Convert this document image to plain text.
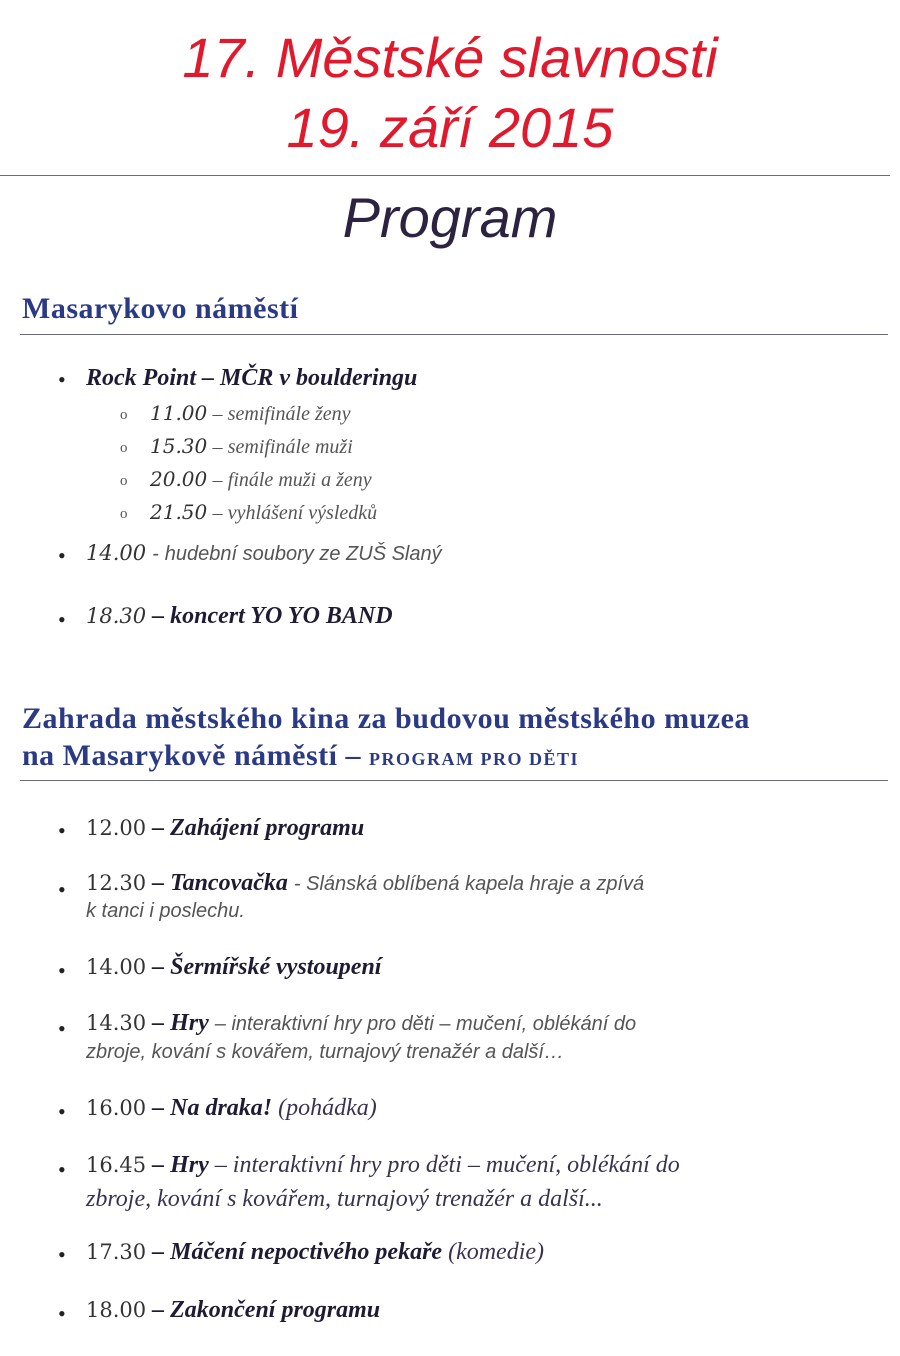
17. Městské slavnosti
19. září 2015
Program
Masarykovo náměstí
• Rock Point – MČR v boulderingu
o 11.00 – semifinále ženy
o 15.30 – semifinále muži
o 20.00 – finále muži a ženy
o 21.50 – vyhlášení výsledků
• 14.00 - hudební soubory ze ZUŠ Slaný
• 18.30 – koncert YO YO BAND
Zahrada městského kina za budovou městského muzea
na Masarykově náměstí – PROGRAM PRO DĚTI
• 12.00 – Zahájení programu
• 12.30 – Tancovačka - Slánská oblíbená kapela hraje a zpívá
k tanci i poslechu.
• 14.00 – Šermířské vystoupení
• 14.30 – Hry – interaktivní hry pro děti – mučení, oblékání do
zbroje, kování s kovářem, turnajový trenažér a další…
• 16.00 – Na draka! (pohádka)
• 16.45 – Hry – interaktivní hry pro děti – mučení, oblékání do
zbroje, kování s kovářem, turnajový trenažér a další...
• 17.30 – Máčení nepoctivého pekaře (komedie)
• 18.00 – Zakončení programu
